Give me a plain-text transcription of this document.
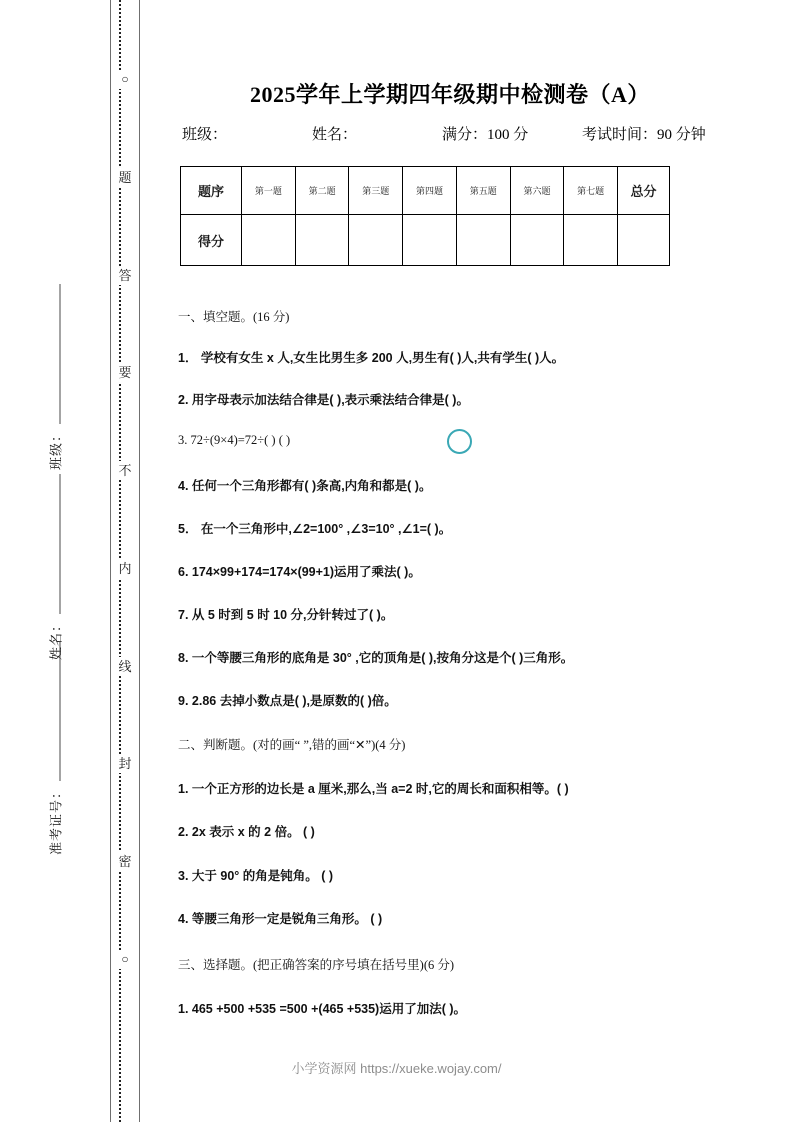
○
题
答
要
不
内
线
封
密
○
班级：
姓名：
准考证号：
2025学年上学期四年级期中检测卷（A）
班级：	姓名：	满分：100 分	考试时间：90 分钟
题序	第一题	第二题	第三题	第四题	第五题	第六题	第七题	总分
得分								
一、填空题。(16 分)
1． 学校有女生 x 人,女生比男生多 200 人,男生有( )人,共有学生( )人。
2. 用字母表示加法结合律是( ),表示乘法结合律是( )。
3. 72÷(9×4)=72÷( ) ( )
4. 任何一个三角形都有( )条高,内角和都是( )。
5． 在一个三角形中,∠2=100° ,∠3=10° ,∠1=( )。
6. 174×99+174=174×(99+1)运用了乘法( )。
7. 从 5 时到 5 时 10 分,分针转过了( )。
8. 一个等腰三角形的底角是 30° ,它的顶角是( ),按角分这是个( )三角形。
9. 2.86 去掉小数点是( ),是原数的( )倍。
二、判断题。(对的画“ ”,错的画“✕”)(4 分)
1. 一个正方形的边长是 a 厘米,那么,当 a=2 时,它的周长和面积相等。( )
2. 2x 表示 x 的 2 倍。 ( )
3. 大于 90° 的角是钝角。 ( )
4. 等腰三角形一定是锐角三角形。 ( )
三、选择题。(把正确答案的序号填在括号里)(6 分)
1. 465 +500 +535 =500 +(465 +535)运用了加法( )。
小学资源网 https://xueke.wojay.com/
